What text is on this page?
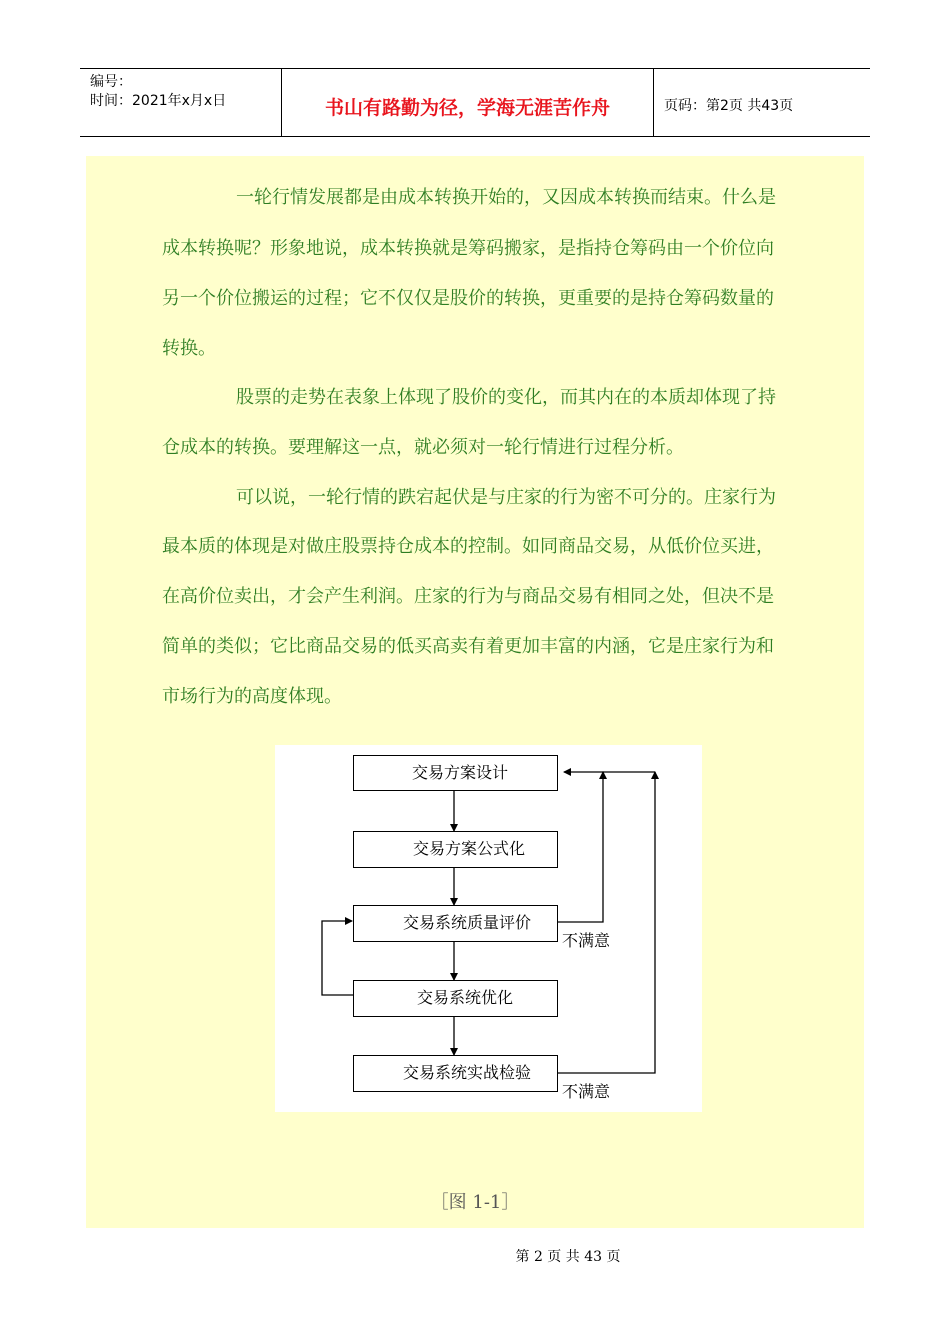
编号：
时间：2021年x月x日	书山有路勤为径，学海无涯苦作舟	页码：第2页 共43页
一轮行情发展都是由成本转换开始的，又因成本转换而结束。什么是
成本转换呢？形象地说，成本转换就是筹码搬家，是指持仓筹码由一个价位向
另一个价位搬运的过程；它不仅仅是股价的转换，更重要的是持仓筹码数量的
转换。
股票的走势在表象上体现了股价的变化，而其内在的本质却体现了持
仓成本的转换。要理解这一点，就必须对一轮行情进行过程分析。
可以说，一轮行情的跌宕起伏是与庄家的行为密不可分的。庄家行为
最本质的体现是对做庄股票持仓成本的控制。如同商品交易，从低价位买进，
在高价位卖出，才会产生利润。庄家的行为与商品交易有相同之处，但决不是
简单的类似；它比商品交易的低买高卖有着更加丰富的内涵，它是庄家行为和
市场行为的高度体现。
交易方案设计
交易方案公式化
交易系统质量评价
交易系统优化
交易系统实战检验
不满意
不满意
［图 1-1］
第 2 页 共 43 页
